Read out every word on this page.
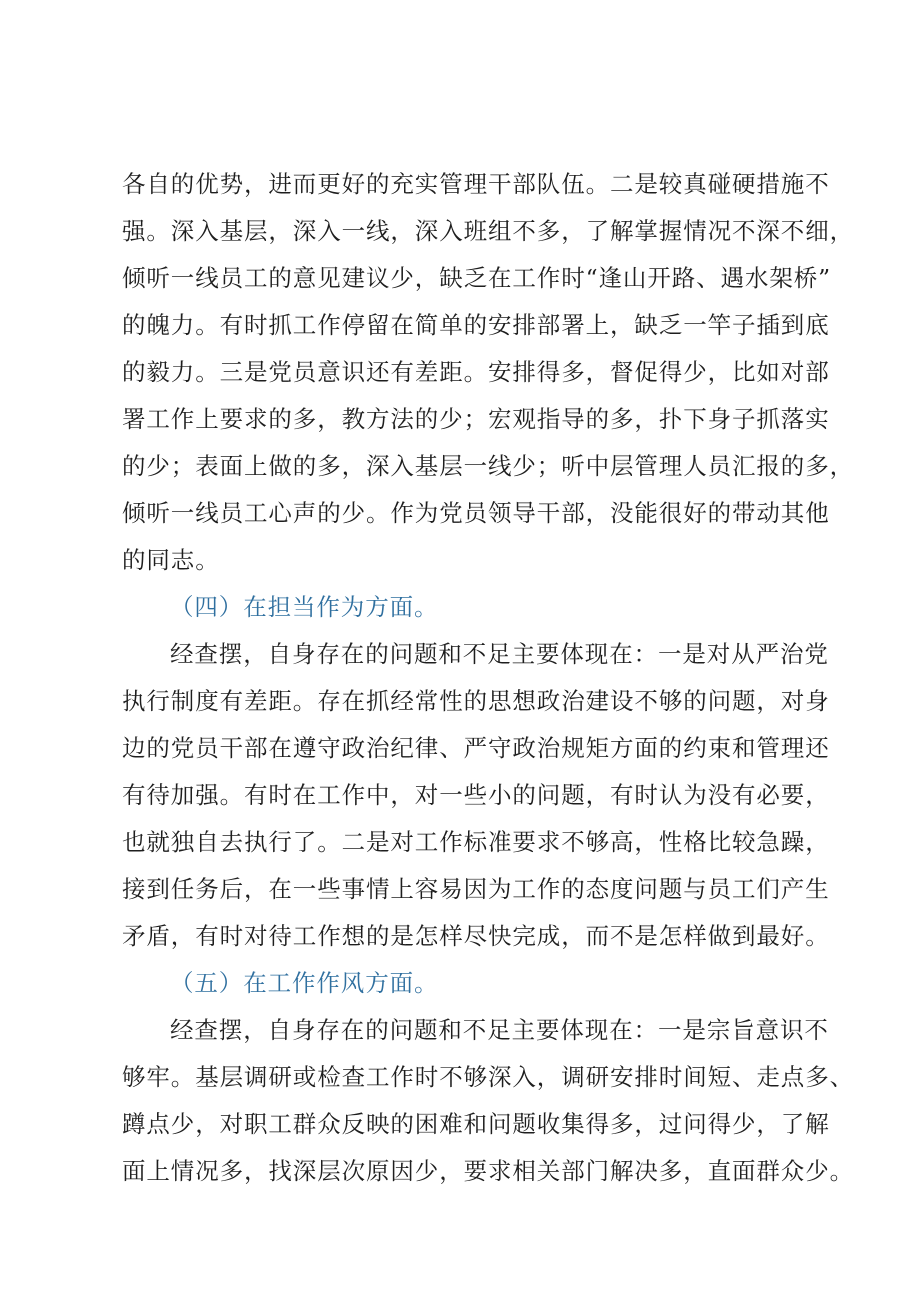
各自的优势，进而更好的充实管理干部队伍。二是较真碰硬措施不
强。深入基层，深入一线，深入班组不多，了解掌握情况不深不细，
倾听一线员工的意见建议少，缺乏在工作时“逢山开路、遇水架桥”
的魄力。有时抓工作停留在简单的安排部署上，缺乏一竿子插到底
的毅力。三是党员意识还有差距。安排得多，督促得少，比如对部
署工作上要求的多，教方法的少；宏观指导的多，扑下身子抓落实
的少；表面上做的多，深入基层一线少；听中层管理人员汇报的多，
倾听一线员工心声的少。作为党员领导干部，没能很好的带动其他
的同志。
（四）在担当作为方面。
经查摆，自身存在的问题和不足主要体现在：一是对从严治党
执行制度有差距。存在抓经常性的思想政治建设不够的问题，对身
边的党员干部在遵守政治纪律、严守政治规矩方面的约束和管理还
有待加强。有时在工作中，对一些小的问题，有时认为没有必要，
也就独自去执行了。二是对工作标准要求不够高，性格比较急躁，
接到任务后，在一些事情上容易因为工作的态度问题与员工们产生
矛盾，有时对待工作想的是怎样尽快完成，而不是怎样做到最好。
（五）在工作作风方面。
经查摆，自身存在的问题和不足主要体现在：一是宗旨意识不
够牢。基层调研或检查工作时不够深入，调研安排时间短、走点多、
蹲点少，对职工群众反映的困难和问题收集得多，过问得少，了解
面上情况多，找深层次原因少，要求相关部门解决多，直面群众少。
